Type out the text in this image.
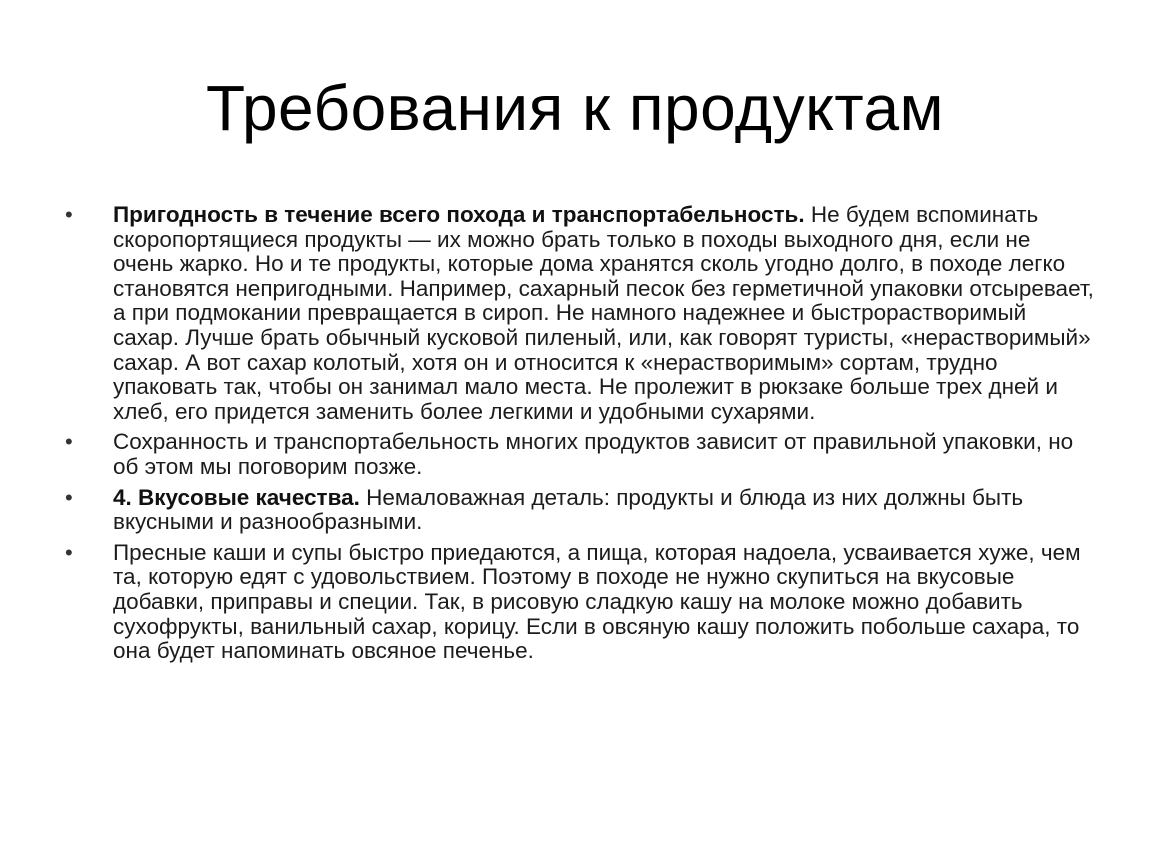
Требования к продуктам
•	Пригодность в течение всего похода и транспортабельность. Не будем вспоминать скоропортящиеся продукты — их можно брать только в походы выходного дня, если не очень жарко. Но и те продукты, которые дома хранятся сколь угодно долго, в походе легко становятся непригодными. Например, сахарный песок без герметичной упаковки отсыревает, а при подмокании превращается в сироп. Не намного надежнее и быстрорастворимый сахар. Лучше брать обычный кусковой пиленый, или, как говорят туристы, «нерастворимый» сахар. А вот сахар колотый, хотя он и относится к «нерастворимым» сортам, трудно упаковать так, чтобы он занимал мало места. Не пролежит в рюкзаке больше трех дней и хлеб, его придется заменить более легкими и удобными сухарями.
•	Сохранность и транспортабельность многих продуктов зависит от правильной упаковки, но об этом мы поговорим позже.
•	4. Вкусовые качества. Немаловажная деталь: продукты и блюда из них должны быть вкусными и разнообразными.
•	Пресные каши и супы быстро приедаются, а пища, которая надоела, усваивается хуже, чем та, которую едят с удовольствием. Поэтому в походе не нужно скупиться на вкусовые добавки, приправы и специи. Так, в рисовую сладкую кашу на молоке можно добавить сухофрукты, ванильный сахар, корицу. Если в овсяную кашу положить побольше сахара, то она будет напоминать овсяное печенье.
